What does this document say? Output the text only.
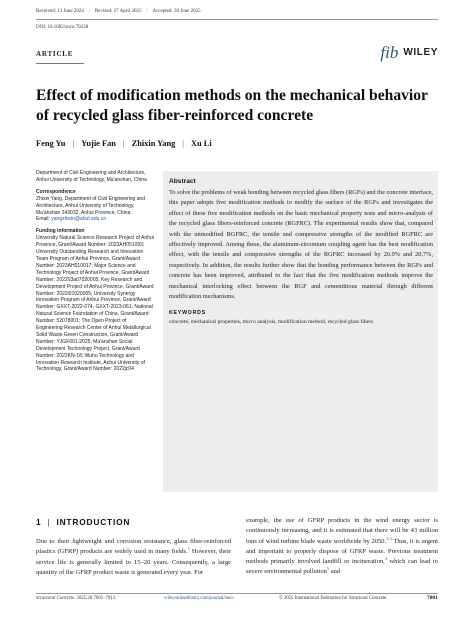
Received: 13 June 2024 | Revised: 27 April 2025 | Accepted: 30 June 2025
DOI: 10.1002/suco.70238
ARTICLE	fib WILEY
Effect of modification methods on the mechanical behavior of recycled glass fiber-reinforced concrete
Feng Yu | Yujie Fan | Zhixin Yang | Xu Li
Department of Civil Engineering and Architecture, Anhui University of Technology, Ma'anshan, China
Correspondence
Zhixin Yang, Department of Civil Engineering and Architecture, Anhui University of Technology, Ma'anshan 243032, Anhui Province, China.
Email: yangzhixin@ahut.edu.cn
Funding information
University Natural Science Research Project of Anhui Province, Grant/Award Number: 2023AH051093; University Outstanding Research and Innovation Team Program of Anhui Province, Grant/Award Number: 2023AH010017; Major Science and Technology Project of Anhui Province, Grant/Award Number: 202203a07020005; Key Research and Development Project of Anhui Province, Grant/Award Number: 2022i01020005; University Synergy Innovation Program of Anhui Province, Grant/Award Number: GXXT-2022-074, GXXT-2023-061; National Natural Science Foundation of China, Grant/Award Number: 52078001; The Open Project of Engineering Research Center of Anhui Metallurgical Solid Waste Green Construction, Grant/Award Number: YJGF001-2025; Ma'anshan Social Development Technology Project, Grant/Award Number: 2022KN-18; Wuhu Technology and Innovation Research Institute, Anhui University of Technology, Grant/Award Number: 2022jc04
Abstract

To solve the problems of weak bonding between recycled glass fibers (RGFs) and the concrete interface, this paper adopts five modification methods to modify the surface of the RGFs and investigates the effect of these five modification methods on the basic mechanical property tests and micro-analysis of the recycled glass fibers-reinforced concrete (RGFRC). The experimental results show that, compared with the unmodified RGFRC, the tensile and compressive strengths of the modified RGFRC are effectively improved. Among these, the aluminum-zirconium coupling agent has the best modification effect, with the tensile and compressive strengths of the RGFRC increased by 20.9% and 20.7%, respectively. In addition, the results further show that the bonding performance between the RGFs and concrete has been improved, attributed to the fact that the five modification methods improve the mechanical interlocking effect between the RGF and cementitious material through different modification mechanisms.

KEYWORDS
concrete, mechanical properties, micro analysis, modification method, recycled glass fibers
1 | INTRODUCTION

Due to their lightweight and corrosion resistance, glass fiber-reinforced plastics (GFRP) products are widely used in many fields.$^1$ However, their service life is generally limited to 15–20 years. Consequently, a large quantity of the GFRP product waste is generated every year. For

example, the use of GFRP products in the wind energy sector is continuously increasing, and it is estimated that there will be 43 million tons of wind turbine blade waste worldwide by 2050.$^{2,3}$ Thus, it is urgent and important to properly dispose of GFRP waste. Previous treatment methods primarily involved landfill or incineration,$^4$ which can lead to severe environmental pollution$^5$ and

Structural Concrete. 2025;26:7001–7013.	wileyonlinelibrary.com/journal/suco	© 2025 International Federation for Structural Concrete.	7001
